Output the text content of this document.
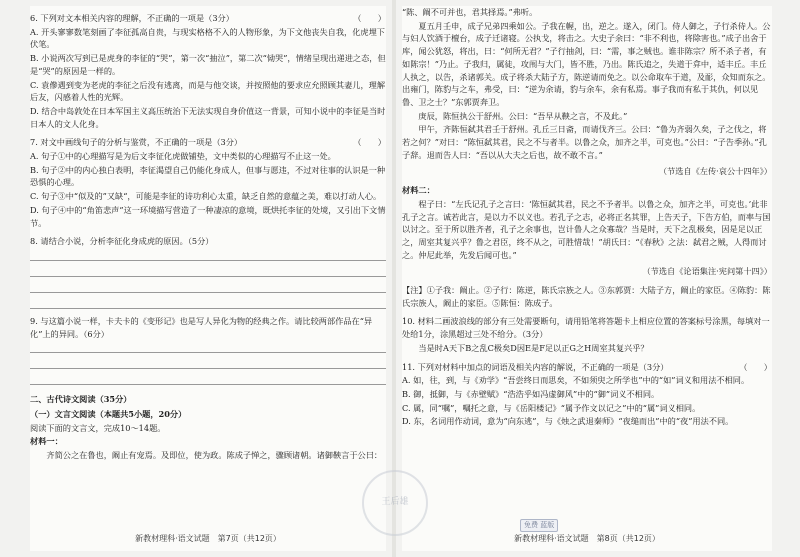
6. 下列对文本相关内容的理解，不正确的一项是（3分）	（　　）
A. 开头寥寥数笔刻画了李征孤高自贵，与现实格格不入的人物形象，为下文他丧失自我，化虎埋下伏笔。
B. 小说两次写到已是虎身的李征的“哭”，第一次“抽泣”，第二次“恸哭”，情绪呈现出递进之态，但是“哭”的原因是一样的。
C. 袁傪遇到变为老虎的李征之后没有逃离，而是与他交谈，并按照他的要求应允照顾其妻儿，理解后友，闪感着人性的光辉。
D. 结合中岛敦处在日本军国主义高压统治下无法实现自身价值这一背景，可知小说中的李征是当时日本人的文人化身。
7. 对文中画线句子的分析与鉴赏，不正确的一项是（3分）	（　　）
A. 句子①中的心理描写是为后文李征化虎做铺垫，文中类似的心理描写不止这一处。
B. 句子②中的内心独白表明，李征渴望自己仍能化身成人，但事与愿违，不过对往事的认识是一种恐惧的心理。
C. 句子③中“似及的”又缺“，可能是李征的诗功利心太重，缺乏自然的意蕴之美，难以打动人心。
D. 句子④中的“角笛悲声”这一环境描写营造了一种凄凉的意境，既烘托李征的处境，又引出下文情节。
8. 请结合小说，分析李征化身成虎的原因。（5分）
9. 与这篇小说一样，卡夫卡的《变形记》也是写人异化为物的经典之作。请比较两部作品在“异化”上的异同。（6分）
二、古代诗文阅读（35分）
（一）文言文阅读（本题共5小题，20分）
阅读下面的文言文，完成10～14题。
材料一：
齐简公之在鲁也，阚止有宠焉。及即位，使为政。陈成子惮之，骤顾诸朝。诸御鞅言于公曰：
新教材理科·语文试题　第7页（共12页）
“陈、阚不可并也，君其择焉。”弗听。
夏五月壬申，成子兄弟四乘如公。子我在幄，出，逆之。遂入，闭门。侍人御之，子行杀侍人。公与妇人饮酒于檀台，成子迁诸寝。公执戈，将击之。大史子余曰：“非不利也，将除害也。”成子出舍于库，闻公犹怒，将出，曰：“何所无君？”子行抽剑，曰：“需，事之贼也。谁非陈宗？所不杀子者，有如陈宗！”乃止。子我归，属徒，攻闱与大门，皆不胜，乃出。陈氏追之，失道于弇中，适丰丘。丰丘人执之，以告，杀诸郭关。成子将杀大陆子方，陈逆请而免之。以公命取车于道，及耏，众知而东之。出雍门，陈豹与之车，弗受，曰：“逆为余请，豹与余车，余有私焉。事子我而有私于其仇，何以见鲁、卫之士？”东郭贾奔卫。
庚辰，陈恒执公于舒州。公曰：“吾早从鞅之言，不及此。”
甲午，齐陈恒弑其君壬于舒州。孔丘三日斋，而请伐齐三。公曰：“鲁为齐弱久矣，子之伐之，将若之何？”对曰：“陈恒弑其君，民之不与者半。以鲁之众，加齐之半，可克也。”公曰：“子告季孙。”孔子辞。退而告人曰：“吾以从大夫之后也，故不敢不言。”
（节选自《左传·哀公十四年》）
材料二：
程子曰：“左氏记孔子之言曰：‘陈恒弑其君，民之不予者半。以鲁之众，加齐之半，可克也。’此非孔子之言。诚若此言，是以力不以义也。若孔子之志，必将正名其罪，上告天子，下告方伯，而率与国以讨之。至于所以胜齐者，孔子之余事也，岂计鲁人之众寡哉？当是时，天下之乱极矣，因是足以正之，周室其复兴乎？鲁之君臣，终不从之，可胜惜哉！”胡氏曰：“《春秋》之法：弑君之贼，人得而讨之。仲尼此举，先发后闻可也。”
（节选自《论语集注·宪问第十四》）
【注】①子我：阚止。②子行：陈逆，陈氏宗族之人。③东郭贾：大陆子方，阚止的家臣。④陈豹：陈氏宗族人，阚止的家臣。⑤陈恒：陈成子。
10. 材料二画波浪线的部分有三处需要断句，请用铅笔将答题卡上相应位置的答案标号涂黑，每填对一处给1分，涂黑超过三处不给分。（3分）
当是时A天下B之乱C极矣D因E是F足以正G之H周室其复兴乎？
11. 下列对材料中加点的词语及相关内容的解说，不正确的一项是（3分）	（　　）
A. 如，往，到，与《劝学》“吾尝终日而思矣，不如须臾之所学也”中的“如”词义和用法不相同。
B. 御，抵御，与《赤壁赋》“浩浩乎如冯虚御风”中的“御”词义不相同。
C. 属，同“嘱”，嘱托之意，与《岳阳楼记》“属予作文以记之”中的“属”词义相同。
D. 东，名词用作动词，意为“向东逃”，与《烛之武退秦师》“夜缒而出”中的“夜”用法不同。
新教材理科·语文试题　第8页（共12页）
王后雄
免费 蓝版
